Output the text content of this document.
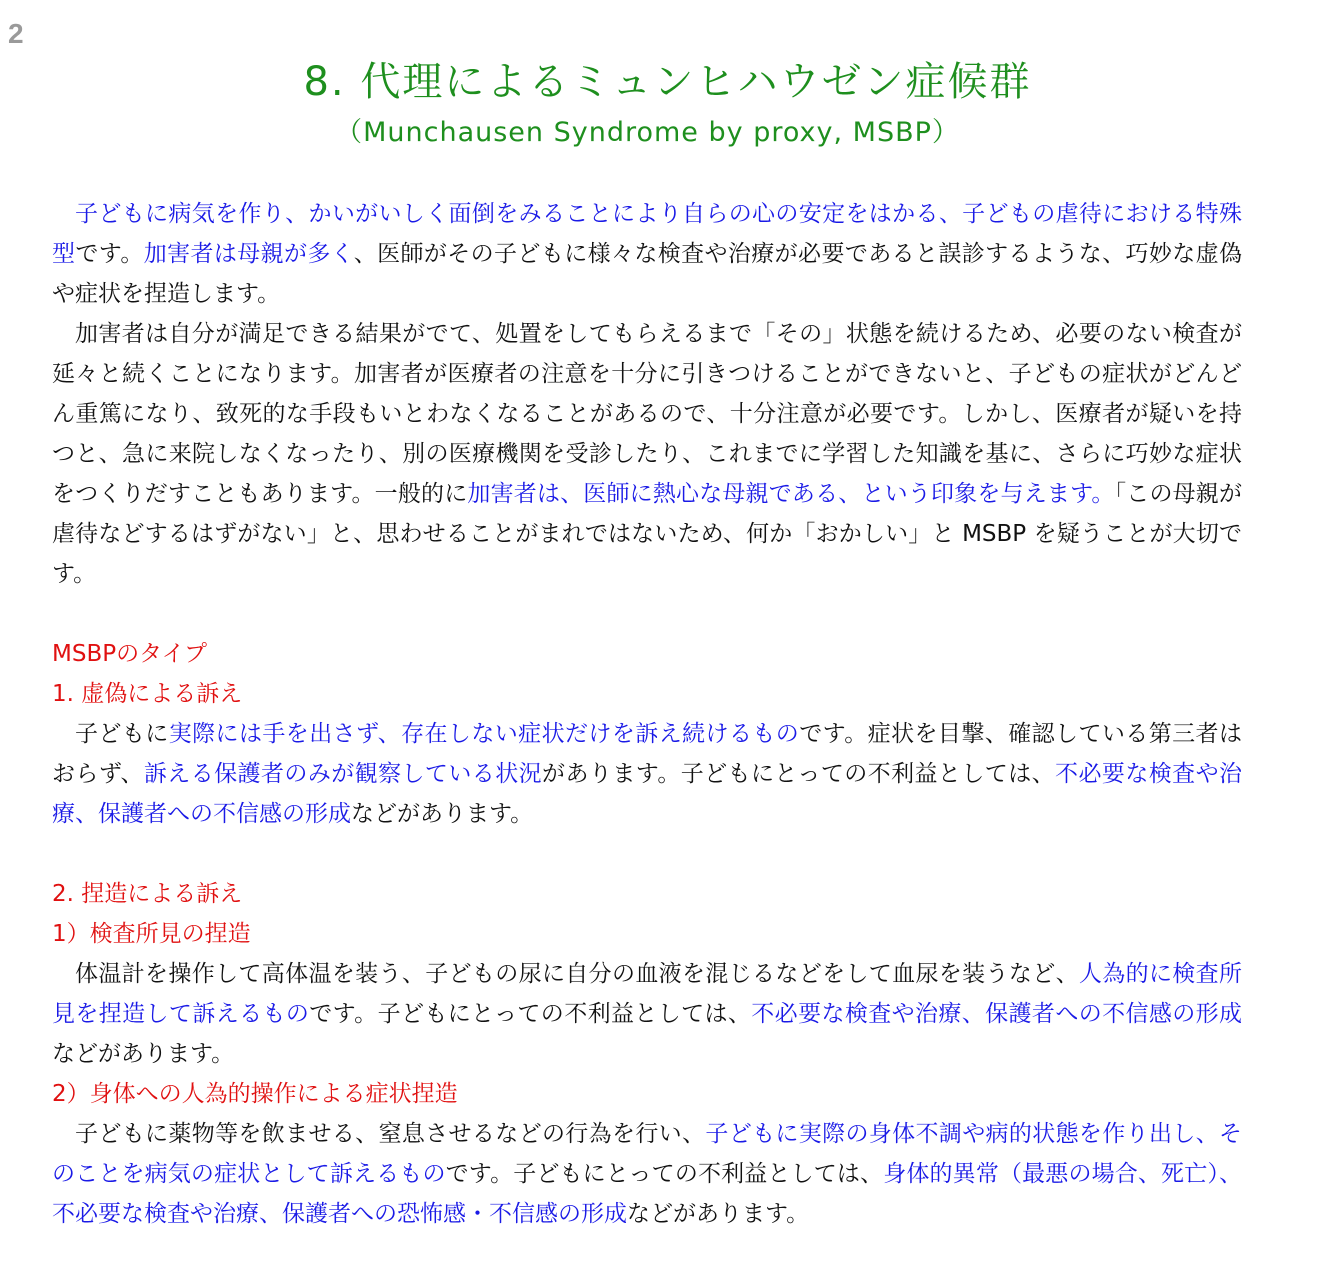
2
8. 代理によるミュンヒハウゼン症候群
（Munchausen Syndrome by proxy, MSBP）

子どもに病気を作り、かいがいしく面倒をみることにより自らの心の安定をはかる、子どもの虐待における特殊型です。加害者は母親が多く、医師がその子どもに様々な検査や治療が必要であると誤診するような、巧妙な虚偽や症状を捏造します。

加害者は自分が満足できる結果がでて、処置をしてもらえるまで「その」状態を続けるため、必要のない検査が延々と続くことになります。加害者が医療者の注意を十分に引きつけることができないと、子どもの症状がどんどん重篤になり、致死的な手段もいとわなくなることがあるので、十分注意が必要です。しかし、医療者が疑いを持つと、急に来院しなくなったり、別の医療機関を受診したり、これまでに学習した知識を基に、さらに巧妙な症状をつくりだすこともあります。一般的に加害者は、医師に熱心な母親である、という印象を与えます。「この母親が虐待などするはずがない」と、思わせることがまれではないため、何か「おかしい」と MSBP を疑うことが大切です。

MSBPのタイプ

1. 虚偽による訴え

子どもに実際には手を出さず、存在しない症状だけを訴え続けるものです。症状を目撃、確認している第三者はおらず、訴える保護者のみが観察している状況があります。子どもにとっての不利益としては、不必要な検査や治療、保護者への不信感の形成などがあります。

2. 捏造による訴え

1）検査所見の捏造

体温計を操作して高体温を装う、子どもの尿に自分の血液を混じるなどをして血尿を装うなど、人為的に検査所見を捏造して訴えるものです。子どもにとっての不利益としては、不必要な検査や治療、保護者への不信感の形成などがあります。

2）身体への人為的操作による症状捏造

子どもに薬物等を飲ませる、窒息させるなどの行為を行い、子どもに実際の身体不調や病的状態を作り出し、そのことを病気の症状として訴えるものです。子どもにとっての不利益としては、身体的異常（最悪の場合、死亡）、不必要な検査や治療、保護者への恐怖感・不信感の形成などがあります。
